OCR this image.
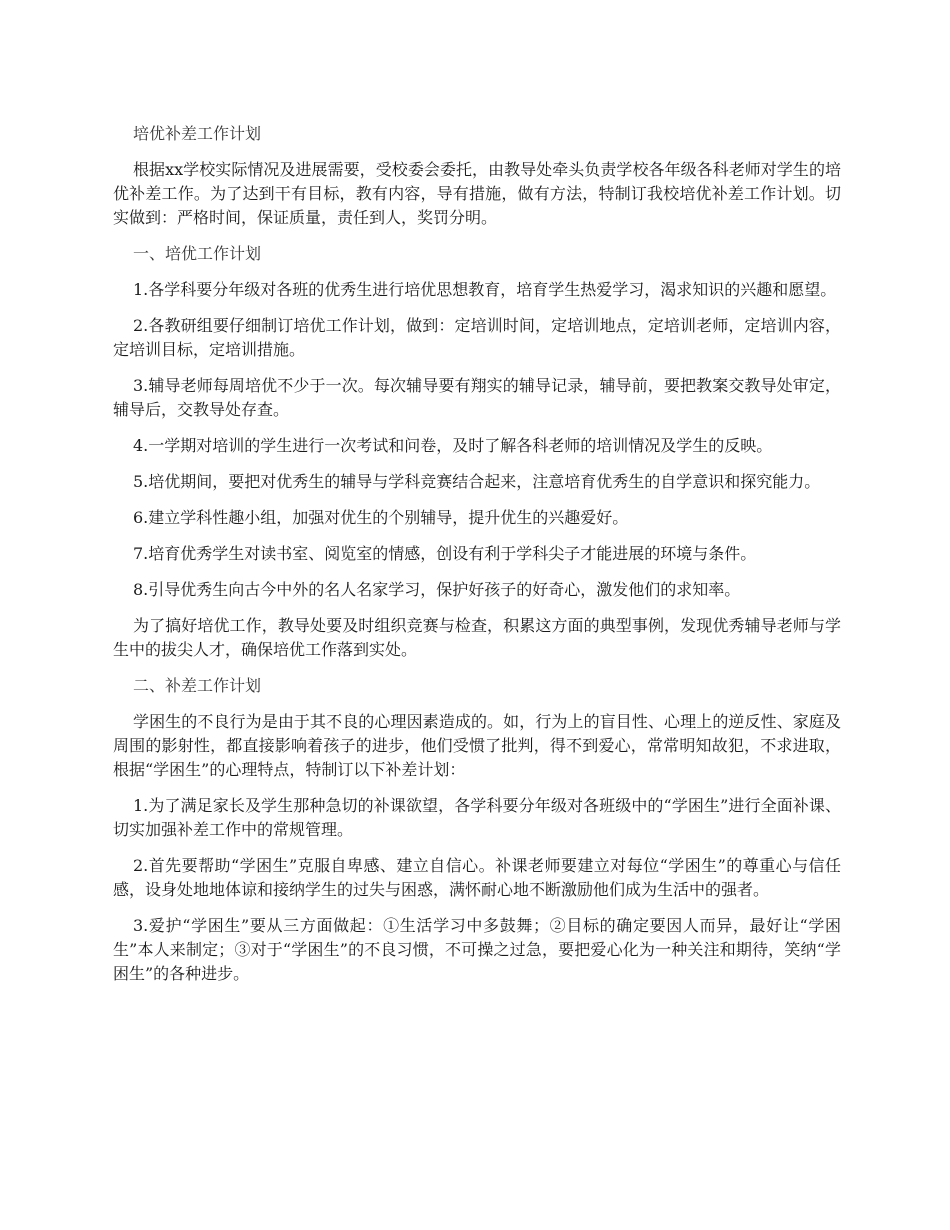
培优补差工作计划

根据xx学校实际情况及进展需要，受校委会委托，由教导处牵头负责学校各年级各科老师对学生的培优补差工作。为了达到干有目标，教有内容，导有措施，做有方法，特制订我校培优补差工作计划。切实做到：严格时间，保证质量，责任到人，奖罚分明。

一、培优工作计划

1.各学科要分年级对各班的优秀生进行培优思想教育，培育学生热爱学习，渴求知识的兴趣和愿望。

2.各教研组要仔细制订培优工作计划，做到：定培训时间，定培训地点，定培训老师，定培训内容，定培训目标，定培训措施。

3.辅导老师每周培优不少于一次。每次辅导要有翔实的辅导记录，辅导前，要把教案交教导处审定，辅导后，交教导处存查。

4.一学期对培训的学生进行一次考试和问卷，及时了解各科老师的培训情况及学生的反映。

5.培优期间，要把对优秀生的辅导与学科竞赛结合起来，注意培育优秀生的自学意识和探究能力。

6.建立学科性趣小组，加强对优生的个别辅导，提升优生的兴趣爱好。

7.培育优秀学生对读书室、阅览室的情感，创设有利于学科尖子才能进展的环境与条件。

8.引导优秀生向古今中外的名人名家学习，保护好孩子的好奇心，激发他们的求知率。

为了搞好培优工作，教导处要及时组织竞赛与检查，积累这方面的典型事例，发现优秀辅导老师与学生中的拔尖人才，确保培优工作落到实处。

二、补差工作计划

学困生的不良行为是由于其不良的心理因素造成的。如，行为上的盲目性、心理上的逆反性、家庭及周围的影射性，都直接影响着孩子的进步，他们受惯了批判，得不到爱心，常常明知故犯，不求进取，根据“学困生”的心理特点，特制订以下补差计划：

1.为了满足家长及学生那种急切的补课欲望，各学科要分年级对各班级中的“学困生”进行全面补课、切实加强补差工作中的常规管理。

2.首先要帮助“学困生”克服自卑感、建立自信心。补课老师要建立对每位“学困生”的尊重心与信任感，设身处地地体谅和接纳学生的过失与困惑，满怀耐心地不断激励他们成为生活中的强者。

3.爱护“学困生”要从三方面做起：①生活学习中多鼓舞；②目标的确定要因人而异，最好让“学困生”本人来制定；③对于“学困生”的不良习惯，不可操之过急，要把爱心化为一种关注和期待，笑纳“学困生”的各种进步。
